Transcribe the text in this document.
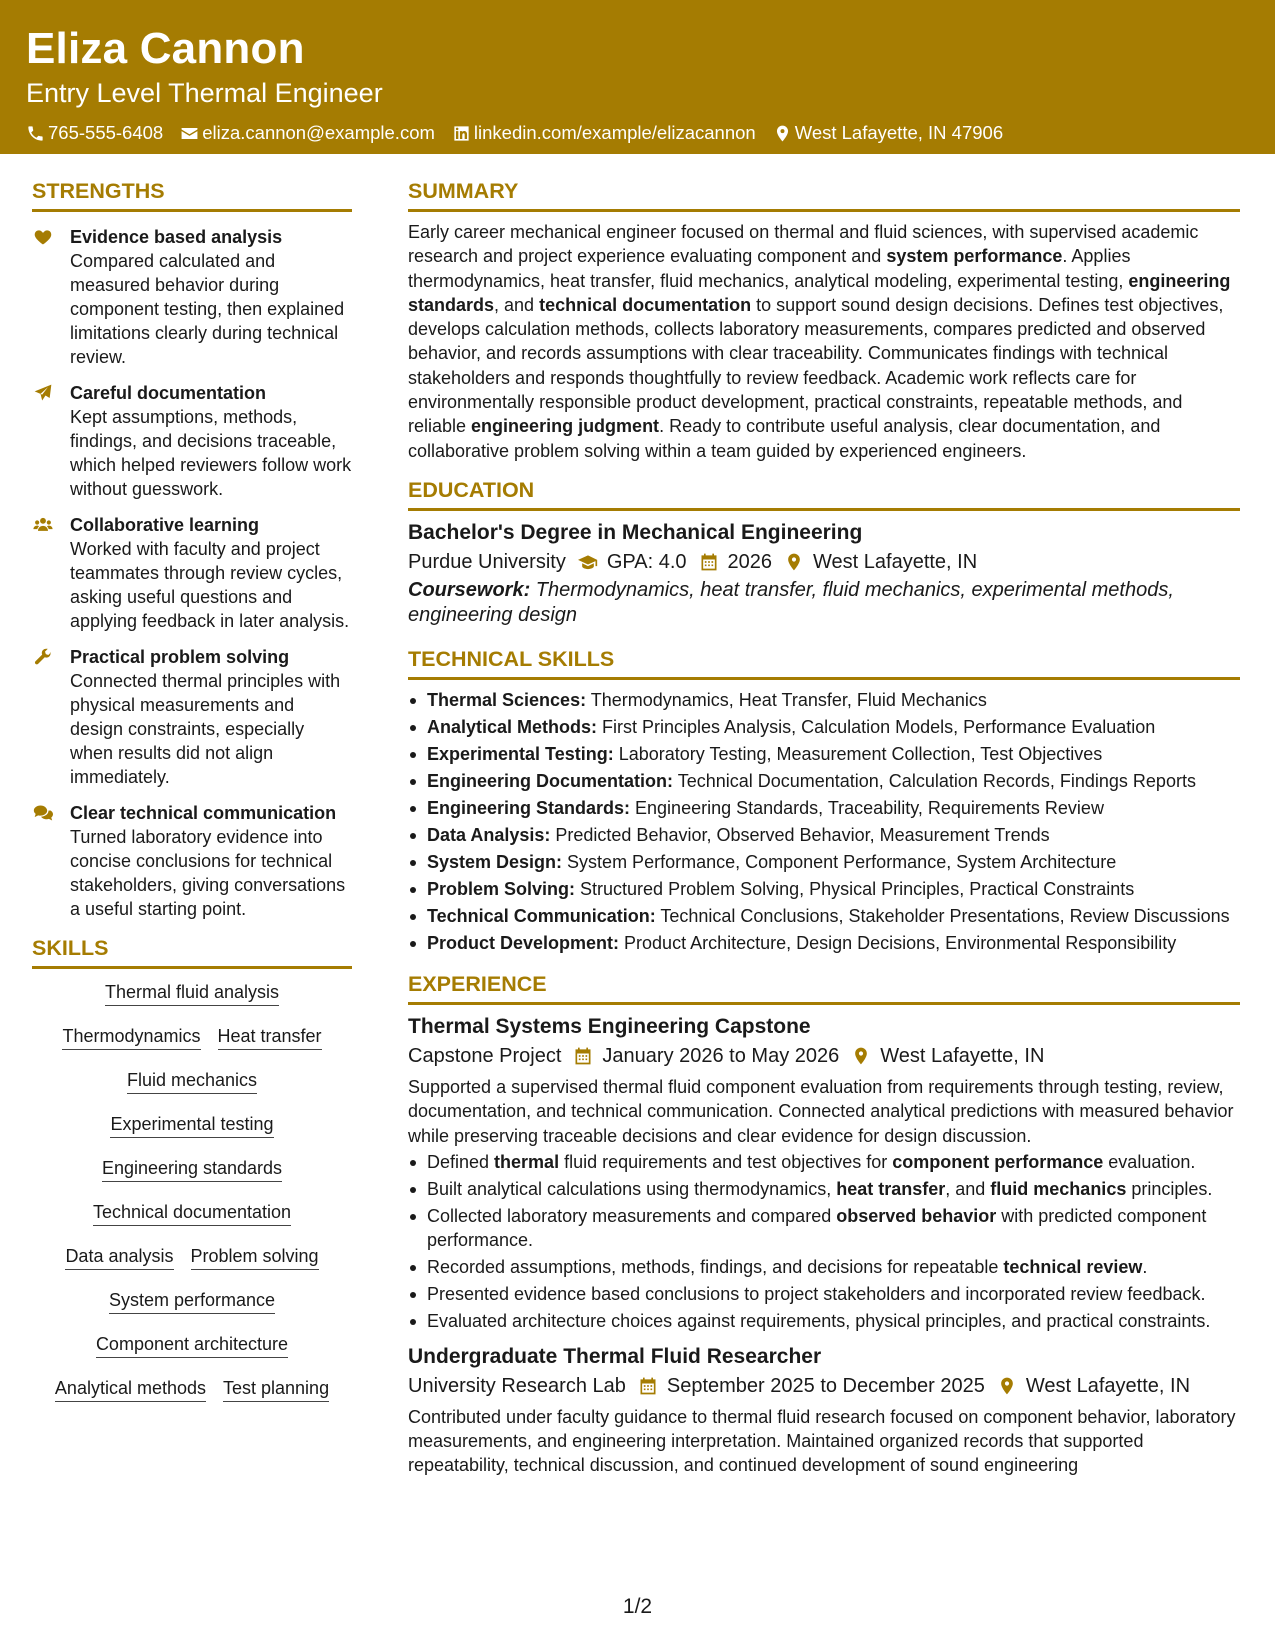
Eliza Cannon
Entry Level Thermal Engineer
765-555-6408 eliza.cannon@example.com linkedin.com/example/elizacannon West Lafayette, IN 47906
STRENGTHS
Evidence based analysis
Compared calculated and measured behavior during component testing, then explained limitations clearly during technical review.
Careful documentation
Kept assumptions, methods, findings, and decisions traceable, which helped reviewers follow work without guesswork.
Collaborative learning
Worked with faculty and project teammates through review cycles, asking useful questions and applying feedback in later analysis.
Practical problem solving
Connected thermal principles with physical measurements and design constraints, especially when results did not align immediately.
Clear technical communication
Turned laboratory evidence into concise conclusions for technical stakeholders, giving conversations a useful starting point.
SKILLS
Thermal fluid analysis
Thermodynamics Heat transfer
Fluid mechanics
Experimental testing
Engineering standards
Technical documentation
Data analysis Problem solving
System performance
Component architecture
Analytical methods Test planning
SUMMARY
Early career mechanical engineer focused on thermal and fluid sciences, with supervised academic research and project experience evaluating component and system performance. Applies thermodynamics, heat transfer, fluid mechanics, analytical modeling, experimental testing, engineering standards, and technical documentation to support sound design decisions. Defines test objectives, develops calculation methods, collects laboratory measurements, compares predicted and observed behavior, and records assumptions with clear traceability. Communicates findings with technical stakeholders and responds thoughtfully to review feedback. Academic work reflects care for environmentally responsible product development, practical constraints, repeatable methods, and reliable engineering judgment. Ready to contribute useful analysis, clear documentation, and collaborative problem solving within a team guided by experienced engineers.
EDUCATION
Bachelor's Degree in Mechanical Engineering
Purdue University GPA: 4.0 2026 West Lafayette, IN
Coursework: Thermodynamics, heat transfer, fluid mechanics, experimental methods, engineering design
TECHNICAL SKILLS
Thermal Sciences: Thermodynamics, Heat Transfer, Fluid Mechanics
Analytical Methods: First Principles Analysis, Calculation Models, Performance Evaluation
Experimental Testing: Laboratory Testing, Measurement Collection, Test Objectives
Engineering Documentation: Technical Documentation, Calculation Records, Findings Reports
Engineering Standards: Engineering Standards, Traceability, Requirements Review
Data Analysis: Predicted Behavior, Observed Behavior, Measurement Trends
System Design: System Performance, Component Performance, System Architecture
Problem Solving: Structured Problem Solving, Physical Principles, Practical Constraints
Technical Communication: Technical Conclusions, Stakeholder Presentations, Review Discussions
Product Development: Product Architecture, Design Decisions, Environmental Responsibility
EXPERIENCE
Thermal Systems Engineering Capstone
Capstone Project January 2026 to May 2026 West Lafayette, IN
Supported a supervised thermal fluid component evaluation from requirements through testing, review, documentation, and technical communication. Connected analytical predictions with measured behavior while preserving traceable decisions and clear evidence for design discussion.
Defined thermal fluid requirements and test objectives for component performance evaluation.
Built analytical calculations using thermodynamics, heat transfer, and fluid mechanics principles.
Collected laboratory measurements and compared observed behavior with predicted component performance.
Recorded assumptions, methods, findings, and decisions for repeatable technical review.
Presented evidence based conclusions to project stakeholders and incorporated review feedback.
Evaluated architecture choices against requirements, physical principles, and practical constraints.
Undergraduate Thermal Fluid Researcher
University Research Lab September 2025 to December 2025 West Lafayette, IN
Contributed under faculty guidance to thermal fluid research focused on component behavior, laboratory measurements, and engineering interpretation. Maintained organized records that supported repeatability, technical discussion, and continued development of sound engineering
1/2
